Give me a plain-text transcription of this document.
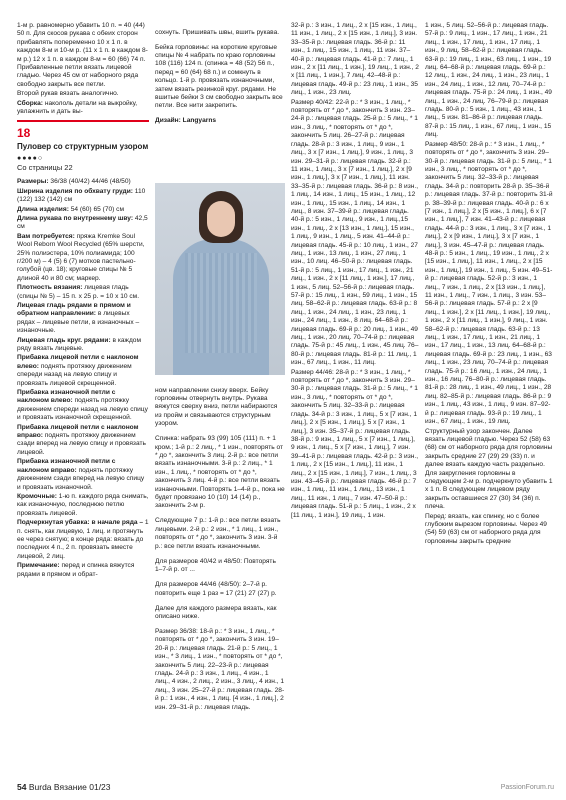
1-м р. равномерно убавить 10 п. = 40 (44) 50 п. Для скосов рукава с обеих сторон прибавлять попеременно 10 х 1 п. в каждом 8-м и 10-м р. (11 х 1 п. в каждом 8-м р.) 12 х 1 п. в каждом 8-м = 60 (66) 74 п. Прибавленные петли вязать лицевой гладью. Через 45 см от наборного ряда свободно закрыть все петли.

Второй рукав вязать аналогично.

Сборка: накололь детали на выкройку, увлажнить и дать вы-

18
Пуловер со структурным узором
●●●●○
Со страницы 22

Размеры: 36/38 (40/42) 44/46 (48/50)

Ширина изделия по обхвату груди: 110 (122) 132 (142) см

Длина изделия: 54 (60) 65 (70) см

Длина рукава по внутреннему шву: 42,5 см

Вам потребуется: пряжа Kremke Soul Wool Reborn Wool Recycled (65% шерсти, 25% полиэстера, 10% полиамида; 100 г/200 м) – 4 (5) 6 (7) мотков пастельно-голубой (цв. 18); круговые спицы № 5 длиной 40 и 80 см; маркер.

Плотность вязания: лицевая гладь (спицы № 5) – 15 п. х 25 р. = 10 х 10 см.

Лицевая гладь рядами в прямом и обратном направлении: в лицевых рядах – лицевые петли, в изнаночных – изнаночные.

Лицевая гладь круг. рядами: в каждом ряду вязать лицевые.

Прибавка лицевой петли с наклоном влево: поднять протяжку движением спереди назад на левую спицу и провязать лицевой скрещенной.

Прибавка изнаночной петли с наклоном влево: поднять протяжку движением спереди назад на левую спицу и провязать изнаночной скрещенной.

Прибавка лицевой петли с наклоном вправо: поднять протяжку движением сзади вперед на левую спицу и провязать лицевой.

Прибавка изнаночной петли с наклоном вправо: поднять протяжку движением сзади вперед на левую спицу и провязать изнаночной.

Кромочные: 1-ю п. каждого ряда снимать, как изнаночную, последнюю петлю провязать лицевой.

Подчеркнутая убавка: в начале ряда – 1 п. снять, как лицевую, 1 лиц. и протянуть ее через снятую; в конце ряда: вязать до последних 4 п., 2 п. провязать вместе лицевой, 2 лиц.

Примечание: перед и спинка вяжутся рядами в прямом и обрат-

сохнуть. Пришивать швы, вшить рукава.

Бейка горловины: на короткие круговые спицы № 4 набрать по краю горловины 108 (116) 124 п. (спинка = 48 (52) 56 п., перед = 60 (64) 68 п.) и сомкнуть в кольцо. 1-й р. провязать изнаночными, затем вязать резинкой круг. рядами. Не вшитые бейки 3 см свободно закрыть все петли. Все нити закрепить.

Дизайн: Langyarns

ном направлении снизу вверх. Бейку горловины отвернуть внутрь. Рукава вяжутся сверху вниз, петли набираются из пройм и связываются структурным узором.

Спинка: набрать 93 (99) 105 (111) п. + 1 кром.; 1-й р.: 2 лиц., * 1 изн., повторять от * до *, закончить 3 лиц. 2-й р.: все петли вязать изнаночными. 3-й р.: 2 лиц., * 1 изн., 1 лиц., * повторять от * до *, закончить 3 лиц. 4-й р.: все петли вязать изнаночными. Повторять 1–4-й р., пока не будет провязано 10 (10) 14 (14) р., закончить 2-м р.

Следующие 7 р.: 1-й р.: все петли вязать лицевыми. 2-й р.: 2 изн., * 1 лиц., 1 изн., повторять от * до *, закончить 3 изн. 3-й р.: все петли вязать изнаночными.

Для размеров 40/42 и 48/50: Повторять 1–7-й р. от ...

Для размеров 44/46 (48/50): 2–7-й р. повторить еще 1 раз = 17 (21) 27 (27) р.

Далее для каждого размера вязать, как описано ниже.

Размер 36/38: 18-й р.: * 3 изн., 1 лиц., * повторять от * до *, закончить 3 изн. 19–20-й р.: лицевая гладь. 21-й р.: 5 лиц., 1 изн., * 3 лиц., 1 изн., * повторять от * до *, закончить 5 лиц. 22–23-й р.: лицевая гладь. 24-й р.: 3 изн., 1 лиц., 4 изн., 1 лиц., 4 изн., 2 лиц., 2 изн., 3 лиц., 4 изн., 1 лиц., 3 изн. 25–27-й р.: лицевая гладь. 28-й р.: 1 изн., 4 изн., 1 лиц. [4 изн., 1 лиц.], 2 изн. 29–31-й р.: лицевая гладь.

32-й р.: 3 изн., 1 лиц., 2 х [15 изн., 1 лиц., 11 изн., 1 лиц., 2 х [15 изн., 1 лиц.], 3 изн. 33–35-й р.: лицевая гладь. 36-й р.: 11 изн., 1 лиц., 15 изн., 1 лиц., 11 изн. 37–40-й р.: лицевая гладь. 41-й р.: 7 лиц., 1 изн., 2 х [11 лиц., 1 изн.], 19 лиц., 1 изн., 2 х [11 лиц., 1 изн.], 7 лиц. 42–48-й р.: лицевая гладь. 49-й р.: 23 лиц., 1 изн., 35 лиц., 1 изн., 23 лиц.

Размер 40/42: 22-й р.: * 3 изн., 1 лиц., * повторять от * до *, закончить 3 изн. 23–24-й р.: лицевая гладь. 25-й р.: 5 лиц., * 1 изн., 3 лиц., * повторять от * до *, закончить 5 лиц. 26–27-й р.: лицевая гладь. 28-й р.: 3 изн., 1 лиц., 9 изн., 1 лиц., 3 х [7 изн., 1 лиц.], 9 изн., 1 лиц., 3 изн. 29–31-й р.: лицевая гладь. 32-й р.: 11 изн., 1 лиц., 3 х [7 изн., 1 лиц.], 2 х [9 изн., 1 лиц.], 3 х [7 изн., 1 лиц.], 11 изн. 33–35-й р.: лицевая гладь. 36-й р.: 8 изн., 1 лиц., 14 изн., 1 лиц., 15 изн., 1 лиц., 12 изн., 1 лиц., 15 изн., 1 лиц., 14 изн., 1 лиц., 8 изн. 37–39-й р.: лицевая гладь. 40-й р.: 5 изн., 1 лиц., 9 изн., 1 лиц.,15 изн., 1 лиц., 2 х [13 изн., 1 лиц.], 15 изн., 1 лиц., 9 изн., 1 лиц., 5 изн. 41–44-й р.: лицевая гладь. 45-й р.: 10 лиц., 1 изн., 27 лиц., 1 изн., 13 лиц., 1 изн., 27 лиц., 1 изн., 10 лиц. 46–50-й р.: лицевая гладь. 51-й р.: 5 лиц., 1 изн., 17 лиц., 1 изн., 21 лиц., 1 изн., 2 х [11 лиц., 1 изн.], 17 лиц., 1 изн., 5 лиц. 52–56-й р.: лицевая гладь. 57-й р.: 15 лиц., 1 изн., 59 лиц., 1 изн., 15 лиц. 58–62-й р.: лицевая гладь. 63-й р.: 8 лиц., 1 изн., 24 лиц., 1 изн., 23 лиц., 1 изн., 24 лиц., 1 изн., 8 лиц. 64–68-й р.: лицевая гладь. 69-й р.: 20 лиц., 1 изн., 49 лиц., 1 изн., 20 лиц. 70–74-й р.: лицевая гладь. 75-й р.: 45 лиц., 1 изн., 45 лиц. 76–80-й р.: лицевая гладь. 81-й р.: 11 лиц., 1 изн., 67 лиц., 1 изн., 11 лиц.

Размер 44/46: 28-й р.: * 3 изн., 1 лиц., * повторять от * до *, закончить 3 изн. 29–30-й р.: лицевая гладь. 31-й р.: 5 лиц., * 1 изн., 3 лиц., * повторять от * до *, закончить 5 лиц. 32–33-й р.: лицевая гладь. 34-й р.: 3 изн., 1 лиц., 5 х [7 изн., 1 лиц.], 2 х [5 изн., 1 лиц.], 5 х [7 изн., 1 лиц.], 3 изн. 35–37-й р.: лицевая гладь. 38-й р.: 9 изн., 1 лиц., 5 х [7 изн., 1 лиц.], 9 изн., 1 лиц., 5 х [7 изн., 1 лиц.], 7 изн. 39–41-й р.: лицевая гладь. 42-й р.: 3 изн., 1 лиц., 2 х [15 изн., 1 лиц.], 11 изн., 1 лиц., 2 х [15 изн., 1 лиц.], 7 изн., 1 лиц., 3 изн. 43–45-й р.: лицевая гладь. 46-й р.: 7 изн., 1 лиц., 11 изн., 1 лиц., 13 изн., 1 лиц., 11 изн., 1 лиц., 7 изн. 47–50-й р.: лицевая гладь. 51-й р.: 5 лиц., 1 изн., 2 х [11 лиц., 1 изн.], 19 лиц., 1 изн.

1 изн., 5 лиц. 52–56-й р.: лицевая гладь. 57-й р.: 9 лиц., 1 изн., 17 лиц., 1 изн., 21 лиц., 1 изн., 17 лиц., 1 изн., 17 лиц., 1 изн., 9 лиц. 58–62-й р.: лицевая гладь. 63-й р.: 19 лиц., 1 изн., 63 лиц., 1 изн., 19 лиц. 64–68-й р.: лицевая гладь. 69-й р.: 12 лиц., 1 изн., 24 лиц., 1 изн., 23 лиц., 1 изн., 24 лиц., 1 изн., 12 лиц. 70–74-й р.: лицевая гладь. 75-й р.: 24 лиц., 1 изн., 49 лиц., 1 изн., 24 лиц. 76–79-й р.: лицевая гладь. 80-й р.: 5 изн., 1 лиц., 43 изн., 1 лиц., 5 изн. 81–86-й р.: лицевая гладь. 87-й р.: 15 лиц., 1 изн., 67 лиц., 1 изн., 15 лиц.

Размер 48/50: 28-й р.: * 3 изн., 1 лиц., * повторять от * до *, закончить 3 изн. 29–30-й р.: лицевая гладь. 31-й р.: 5 лиц., * 1 изн., 3 лиц., * повторять от * до *, закончить 5 лиц. 32–33-й р.: лицевая гладь. 34-й р.: повторить 28-й р. 35–36-й р.: лицевая гладь. 37-й р.: повторить 31-й р. 38–39-й р.: лицевая гладь. 40-й р.: 6 х [7 изн., 1 лиц.], 2 х [5 изн., 1 лиц.], 6 х [7 изн., 1 лиц.], 7 изн. 41–43-й р.: лицевая гладь. 44-й р.: 3 изн., 1 лиц., 3 х [7 изн., 1 лиц.], 2 х [9 изн., 1 лиц.], 3 х [7 изн., 1 лиц.], 3 изн. 45–47-й р.: лицевая гладь. 48-й р.: 5 изн., 1 лиц., 19 изн., 1 лиц., 2 х [15 изн., 1 лиц.], 11 изн., 1 лиц., 2 х [15 изн., 1 лиц.], 19 изн., 1 лиц., 5 изн. 49–51-й р.: лицевая гладь. 52-й р.: 3 изн., 1 лиц., 7 изн., 1 лиц., 2 х [13 изн., 1 лиц.], 11 изн., 1 лиц., 7 изн., 1 лиц., 3 изн. 53–56-й р.: лицевая гладь. 57-й р.: 2 х [9 лиц., 1 изн.], 2 х [11 лиц., 1 изн.], 19 лиц., 1 изн., 2 х [11 лиц., 1 изн.], 9 лиц., 1 изн. 58–62-й р.: лицевая гладь. 63-й р.: 13 лиц., 1 изн., 17 лиц., 1 изн., 21 лиц., 1 изн., 17 лиц., 1 изн., 13 лиц. 64–68-й р.: лицевая гладь. 69-й р.: 23 лиц., 1 изн., 63 лиц., 1 изн., 23 лиц. 70–74-й р.: лицевая гладь. 75-й р.: 16 лиц., 1 изн., 24 лиц., 1 изн., 16 лиц. 76–80-й р.: лицевая гладь. 81-й р.: 28 лиц., 1 изн., 49 лиц., 1 изн., 28 лиц. 82–85-й р.: лицевая гладь. 86-й р.: 9 изн., 1 лиц., 43 изн., 1 лиц., 9 изн. 87–92-й р.: лицевая гладь. 93-й р.: 19 лиц., 1 изн., 67 лиц., 1 изн., 19 лиц.

Структурный узор закончен. Далее вязать лицевой гладью. Через 52 (58) 63 (68) см от наборного ряда для горловины закрыть средние 27 (29) 29 (33) п. и далее вязать каждую часть раздельно. Для закругления горловины в следующем 2-м р. подчеркнуто убавить 1 х 1 п. В следующем лицевом ряду закрыть оставшиеся 27 (30) 34 (36) п. плеча.

Перед: вязать, как спинку, но с более глубоким вырезом горловины. Через 49 (54) 59 (63) см от наборного ряда для горловины закрыть средние

54 Burda Вязание 01/23	PassionForum.ru
